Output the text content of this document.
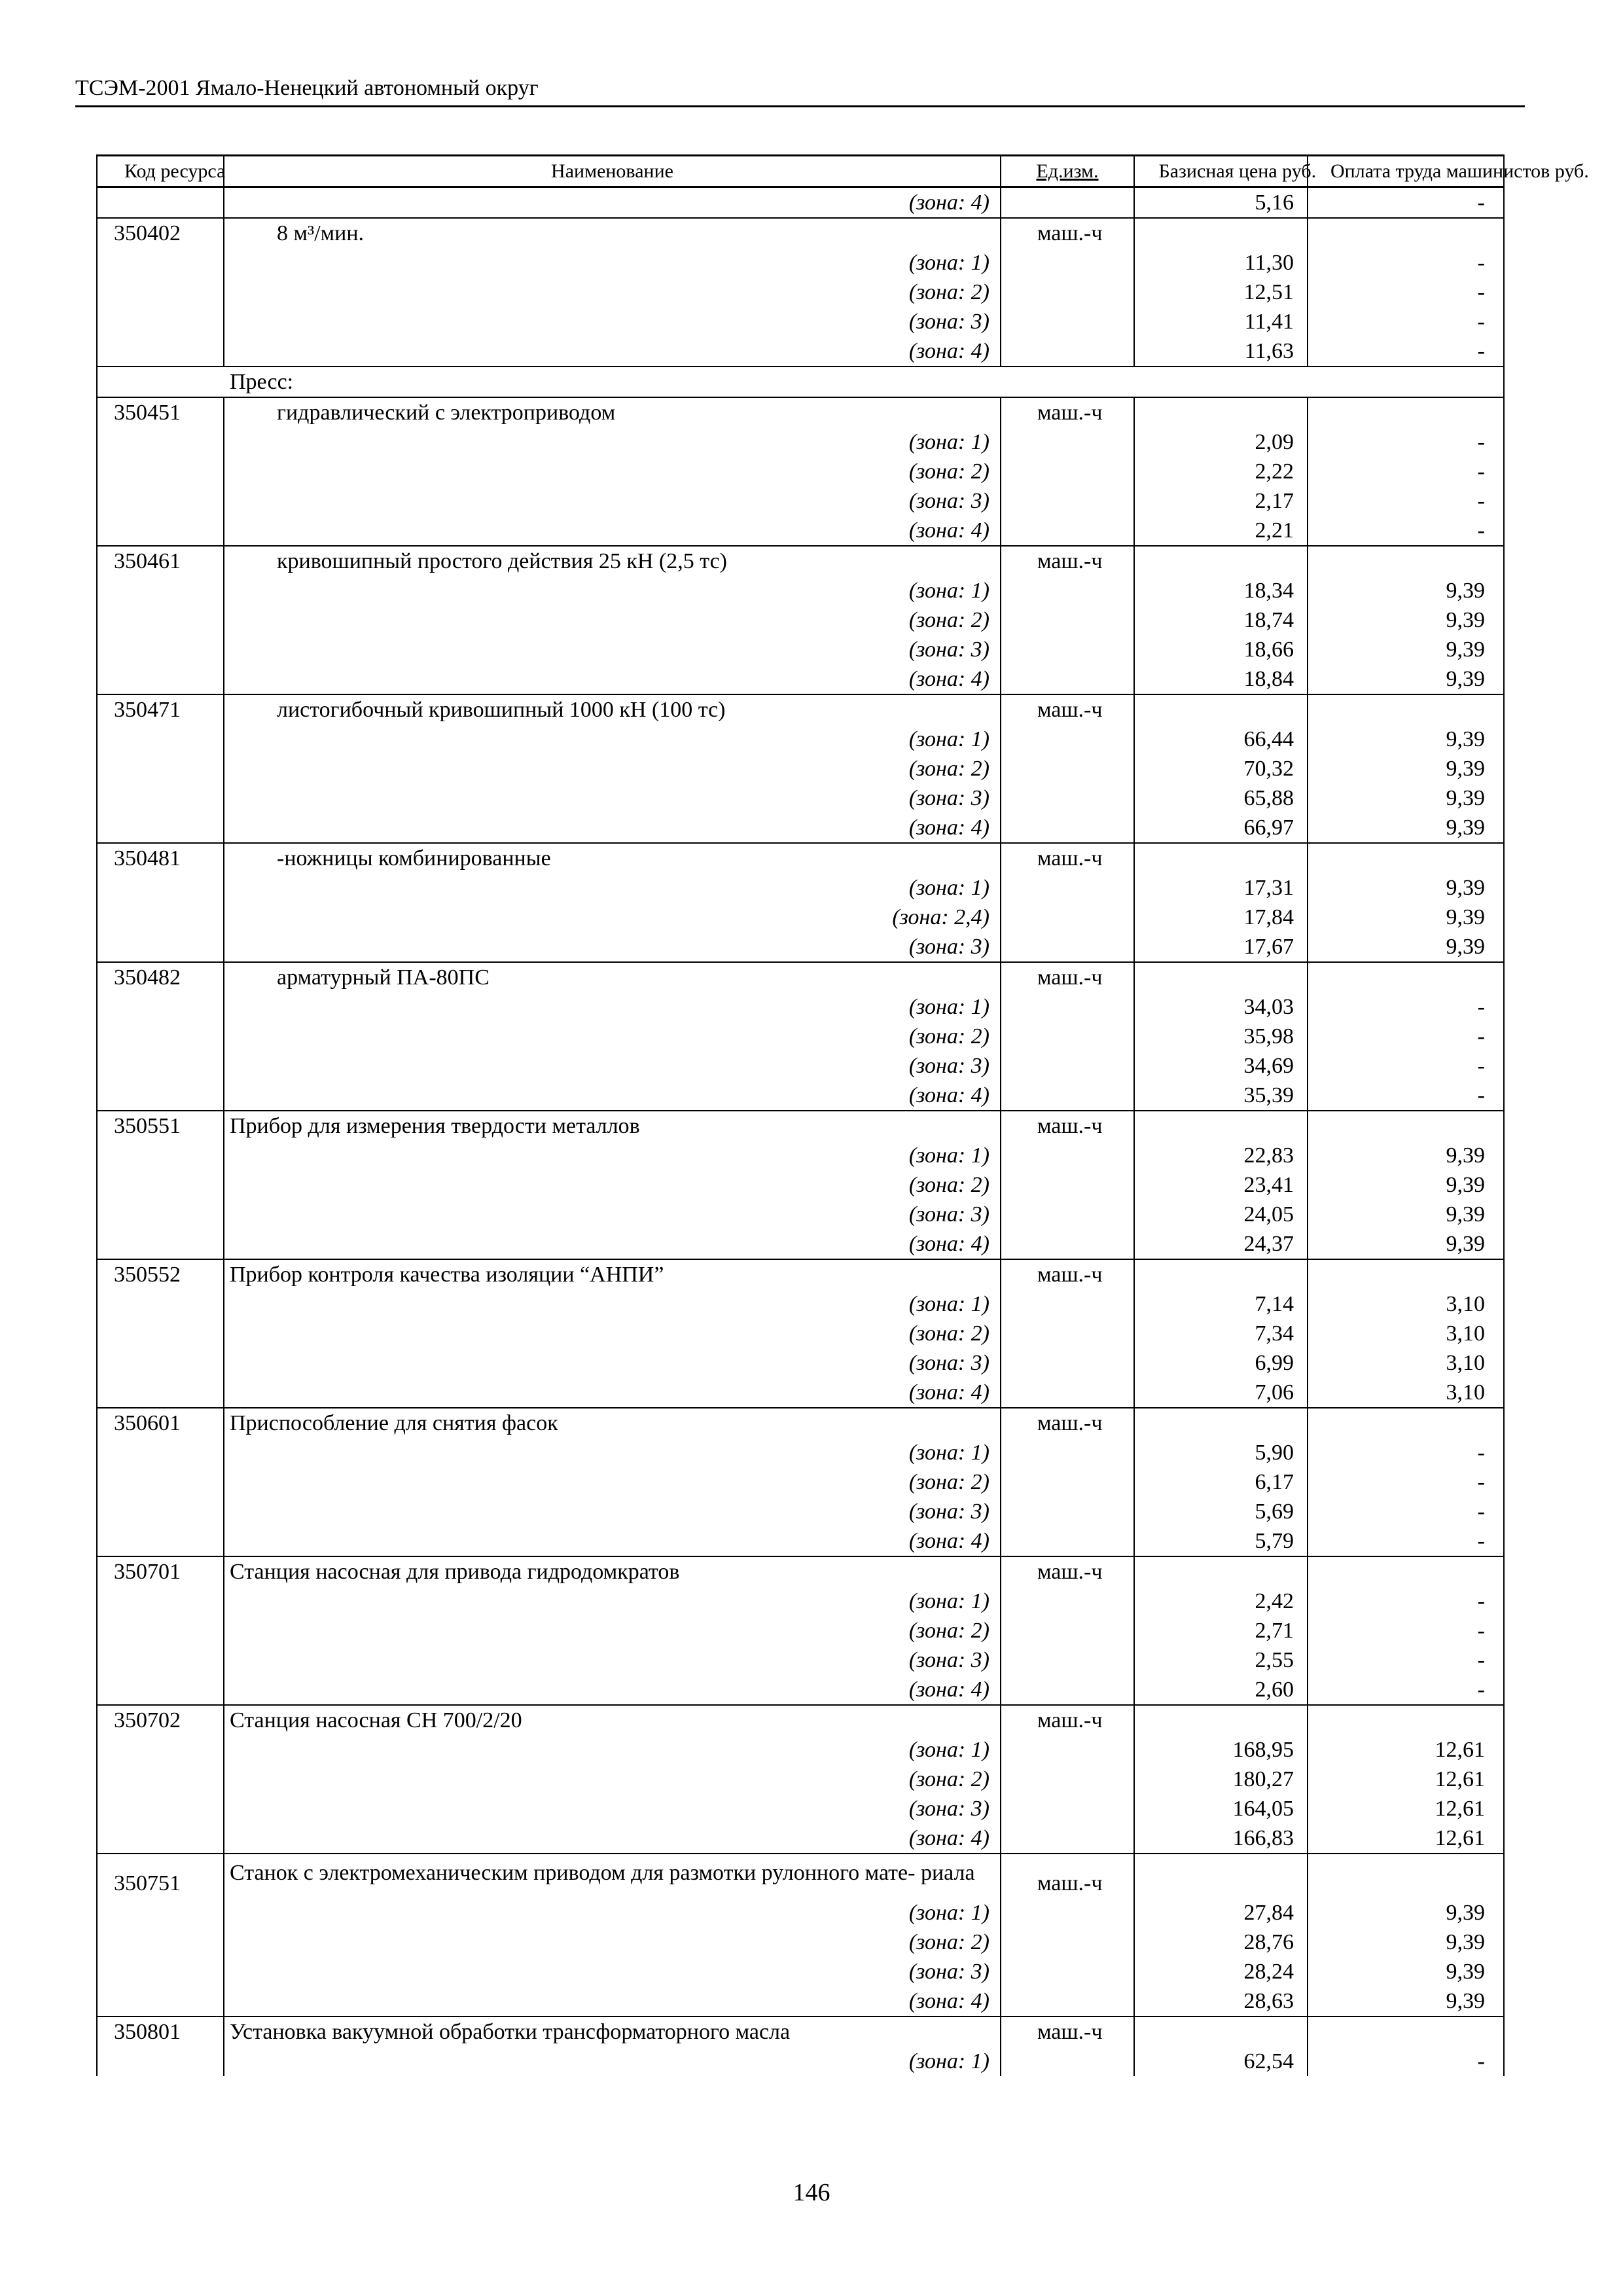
ТСЭМ-2001 Ямало-Ненецкий автономный округ
Код ресурса	Наименование	Ед.изм.	Базисная цена руб.	Оплата труда машинистов руб.
	(зона: 4)		5,16	-
350402	8 м³/мин.	маш.-ч		
	(зона: 1)		11,30	-
	(зона: 2)		12,51	-
	(зона: 3)		11,41	-
	(зона: 4)		11,63	-
Пресс:				
350451	гидравлический с электроприводом	маш.-ч		
	(зона: 1)		2,09	-
	(зона: 2)		2,22	-
	(зона: 3)		2,17	-
	(зона: 4)		2,21	-
350461	кривошипный простого действия 25 кН (2,5 тс)	маш.-ч		
	(зона: 1)		18,34	9,39
	(зона: 2)		18,74	9,39
	(зона: 3)		18,66	9,39
	(зона: 4)		18,84	9,39
350471	листогибочный кривошипный 1000 кН (100 тс)	маш.-ч		
	(зона: 1)		66,44	9,39
	(зона: 2)		70,32	9,39
	(зона: 3)		65,88	9,39
	(зона: 4)		66,97	9,39
350481	-ножницы комбинированные	маш.-ч		
	(зона: 1)		17,31	9,39
	(зона: 2,4)		17,84	9,39
	(зона: 3)		17,67	9,39
350482	арматурный ПА-80ПС	маш.-ч		
	(зона: 1)		34,03	-
	(зона: 2)		35,98	-
	(зона: 3)		34,69	-
	(зона: 4)		35,39	-
350551	Прибор для измерения твердости металлов	маш.-ч		
	(зона: 1)		22,83	9,39
	(зона: 2)		23,41	9,39
	(зона: 3)		24,05	9,39
	(зона: 4)		24,37	9,39
350552	Прибор контроля качества изоляции “АНПИ”	маш.-ч		
	(зона: 1)		7,14	3,10
	(зона: 2)		7,34	3,10
	(зона: 3)		6,99	3,10
	(зона: 4)		7,06	3,10
350601	Приспособление для снятия фасок	маш.-ч		
	(зона: 1)		5,90	-
	(зона: 2)		6,17	-
	(зона: 3)		5,69	-
	(зона: 4)		5,79	-
350701	Станция насосная для привода гидродомкратов	маш.-ч		
	(зона: 1)		2,42	-
	(зона: 2)		2,71	-
	(зона: 3)		2,55	-
	(зона: 4)		2,60	-
350702	Станция насосная СН 700/2/20	маш.-ч		
	(зона: 1)		168,95	12,61
	(зона: 2)		180,27	12,61
	(зона: 3)		164,05	12,61
	(зона: 4)		166,83	12,61
350751	Станок с электромеханическим приводом для размотки рулонного мате- риала	маш.-ч		
	(зона: 1)		27,84	9,39
	(зона: 2)		28,76	9,39
	(зона: 3)		28,24	9,39
	(зона: 4)		28,63	9,39
350801	Установка вакуумной обработки трансформаторного масла	маш.-ч		
	(зона: 1)		62,54	-
146
